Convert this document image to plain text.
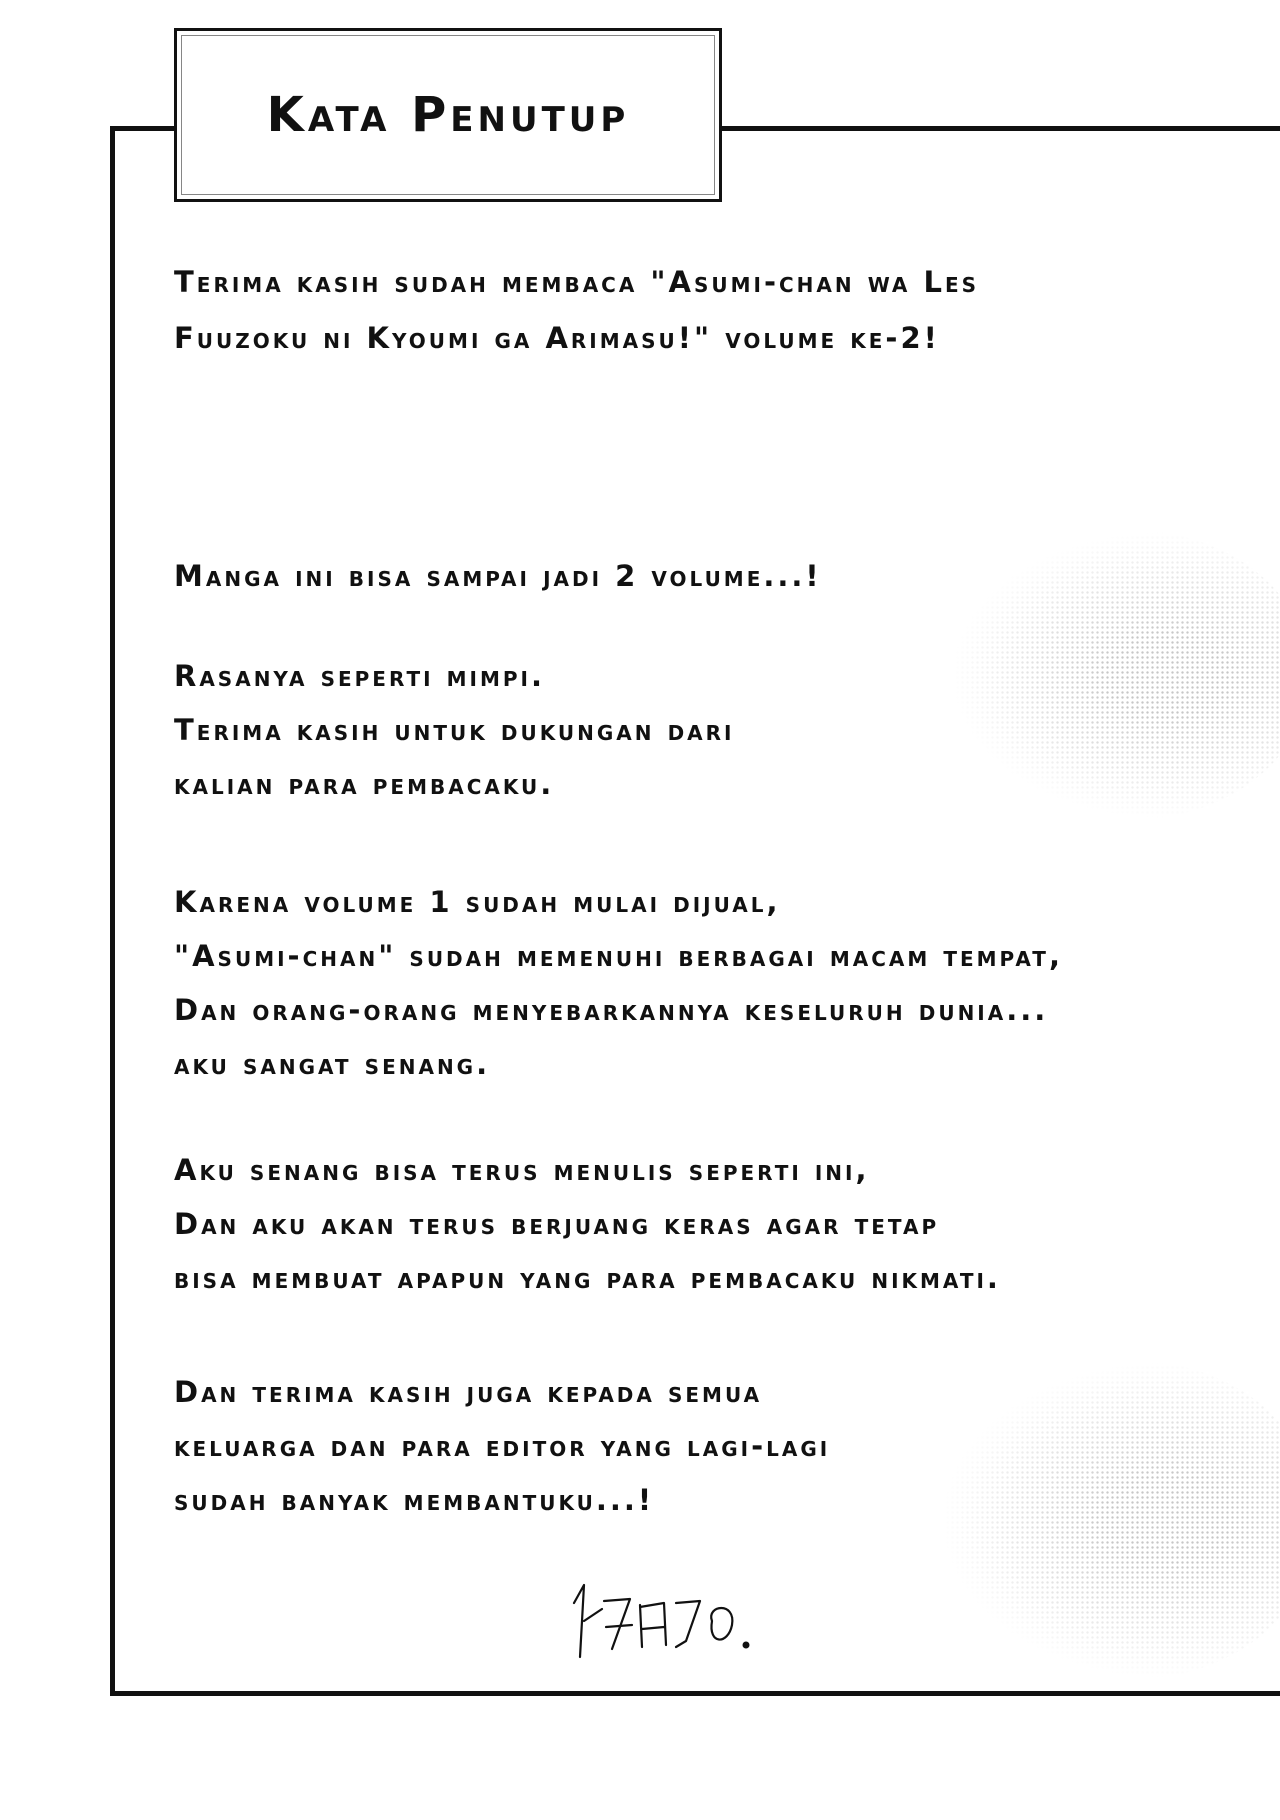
Kata Penutup
Terima kasih sudah membaca "Asumi-chan wa Les
Fuuzoku ni Kyoumi ga Arimasu!" volume ke-2!
Manga ini bisa sampai jadi 2 volume...!
Rasanya seperti mimpi.
Terima kasih untuk dukungan dari
kalian para pembacaku.
Karena volume 1 sudah mulai dijual,
"Asumi-chan" sudah memenuhi berbagai macam tempat,
Dan orang-orang menyebarkannya keseluruh dunia...
aku sangat senang.
Aku senang bisa terus menulis seperti ini,
Dan aku akan terus berjuang keras agar tetap
bisa membuat apapun yang para pembacaku nikmati.
Dan terima kasih juga kepada semua
keluarga dan para editor yang lagi-lagi
sudah banyak membantuku...!
